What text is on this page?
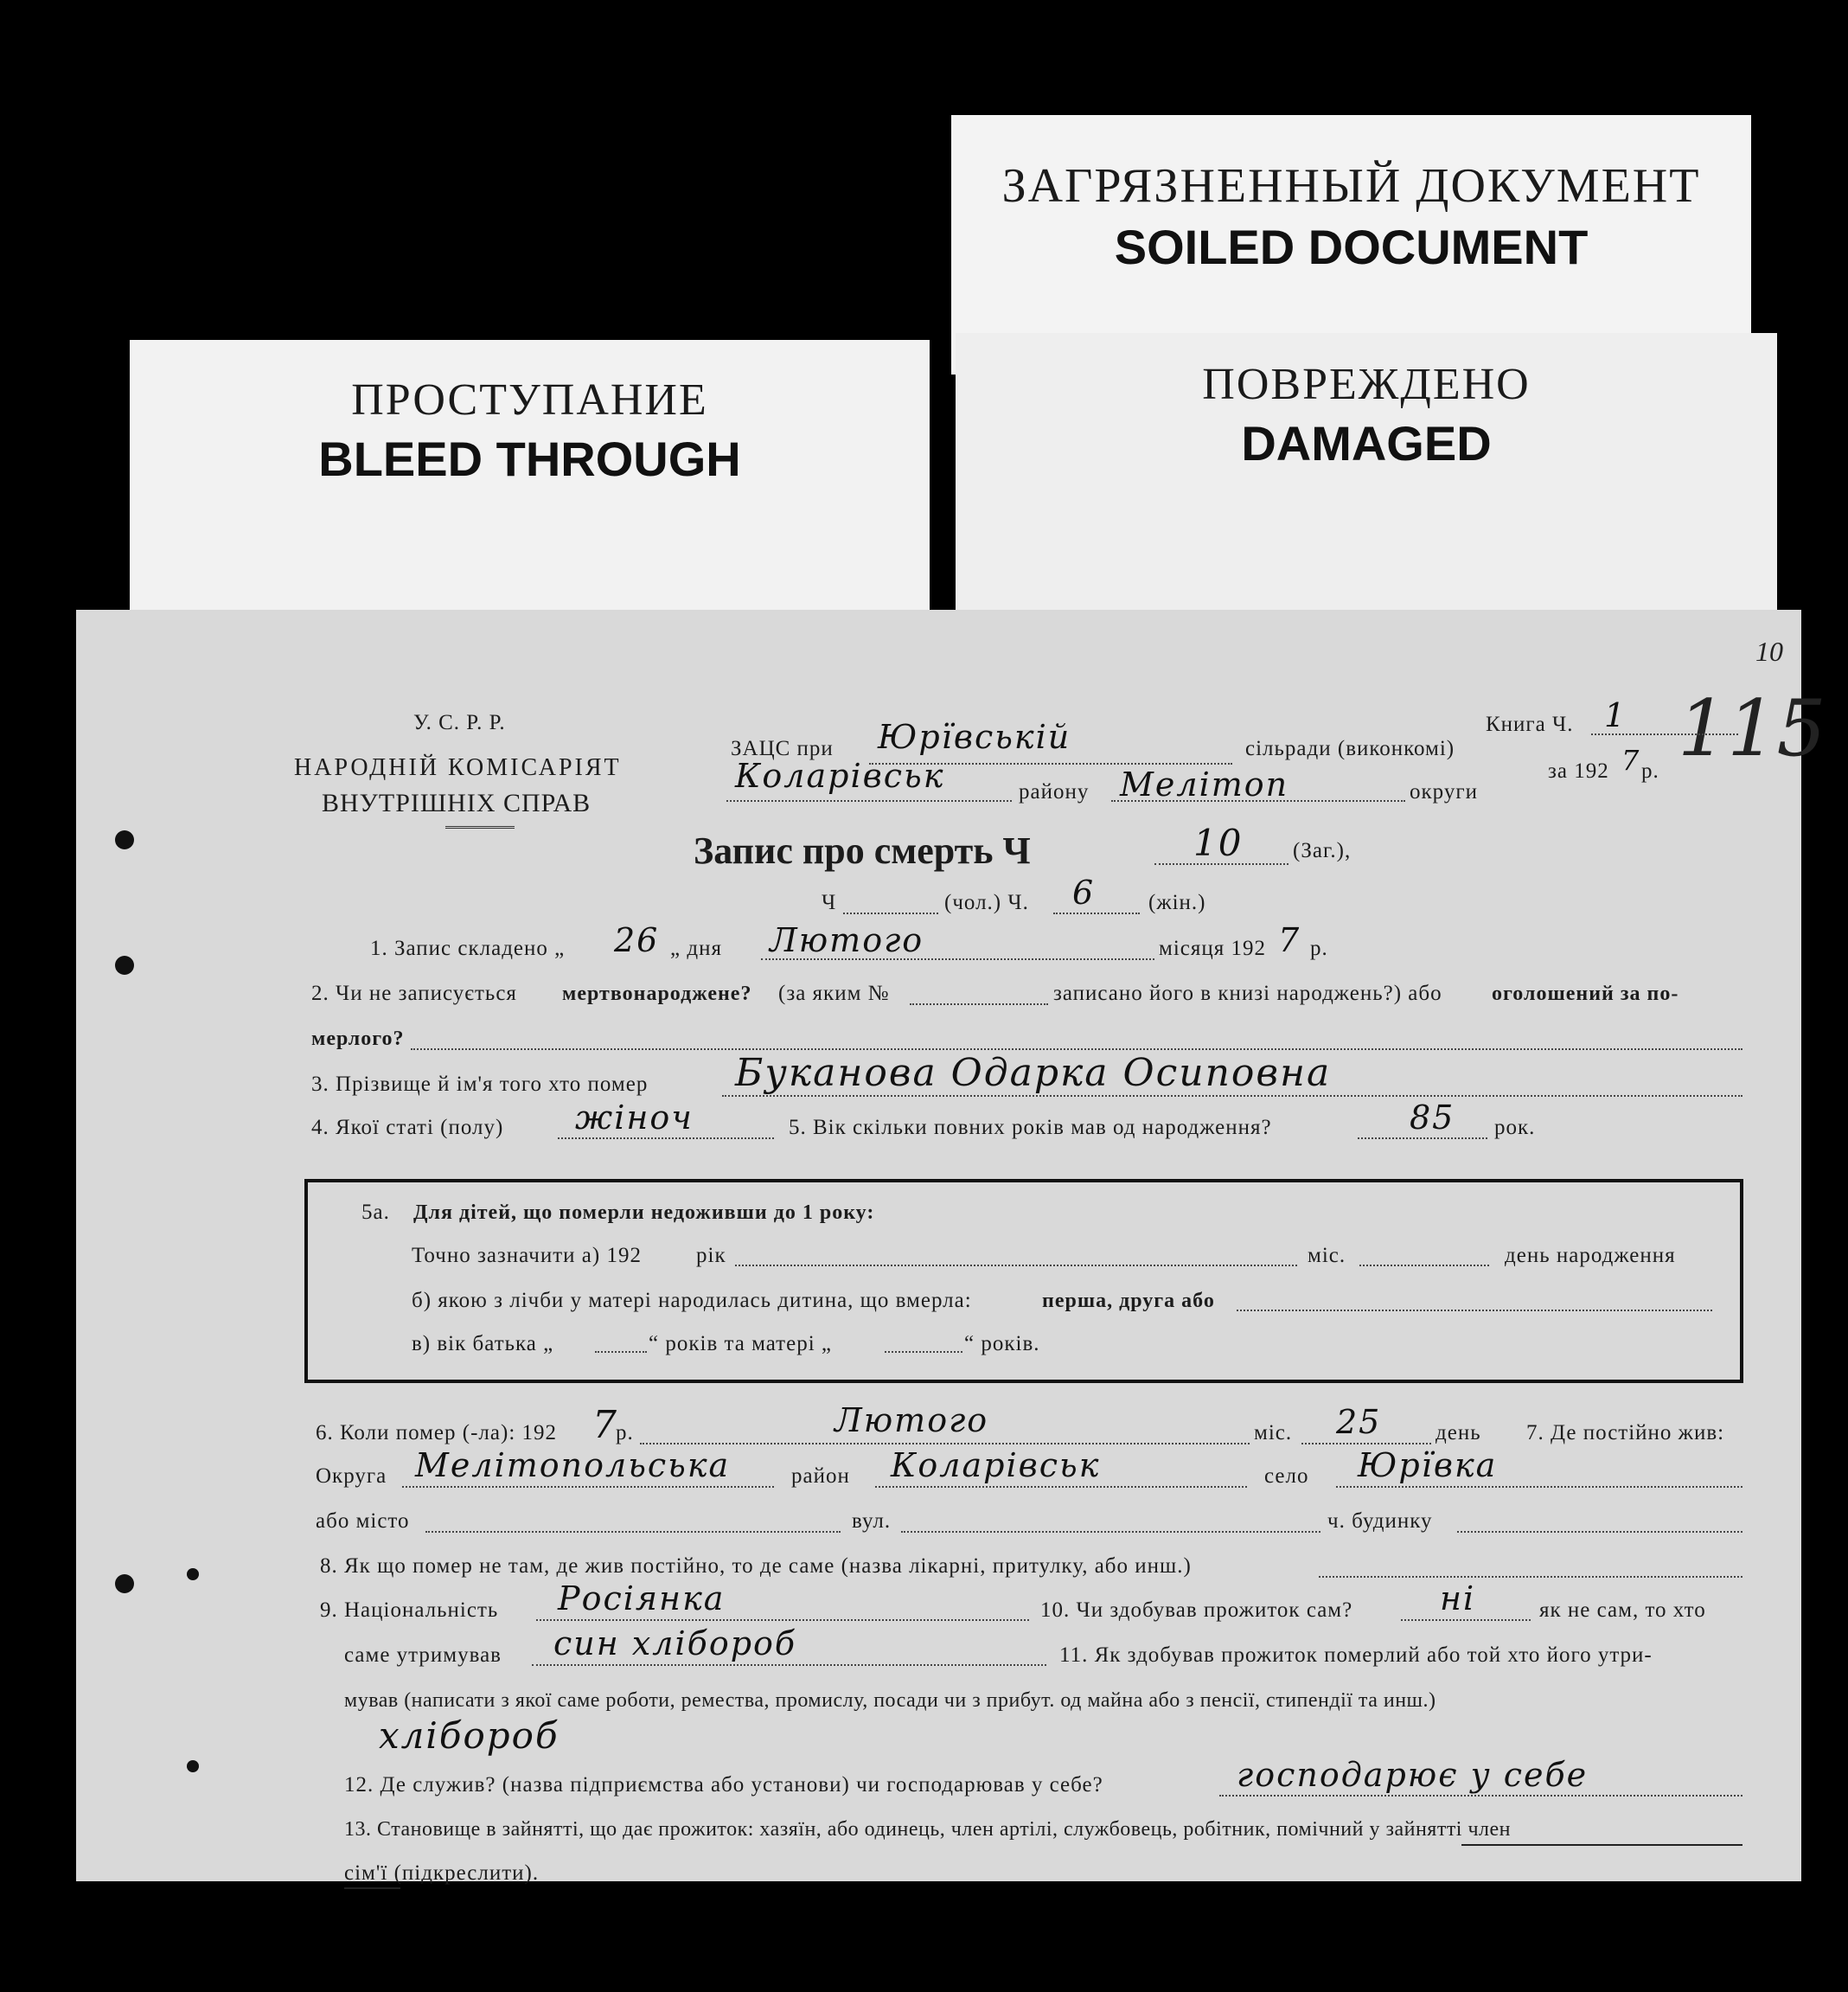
ЗАГРЯЗНЕННЫЙ ДОКУМЕНТ
SOILED DOCUMENT
ПРОСТУПАНИЕ
BLEED THROUGH
ПОВРЕЖДЕНО
DAMAGED
10
115
У. С. Р. Р.
НАРОДНІЙ КОМІСАРІЯТ
ВНУТРІШНІХ СПРАВ
ЗАЦС при Юрївській	сільради (виконкомі)
Книга Ч. 1
за 192 7 р.
Коларівськ	району Мелітоп	округи
Запис про смерть Ч	10 (Заг.),
Ч	(чол.) Ч. 6 (жін.)
1. Запис складено „ 26 „ дня Лютого	місяця 192 7 р.
2. Чи не записується мертвонароджене? (за яким №	записано його в книзі народжень?) або оголошений за по-
мерлого?
3. Прізвище й ім'я того хто помер Буканова Одарка Осиповна
4. Якої статі (полу) жіноч	5. Вік скільки повних років мав од народження?	85 рок.
5а. Для дітей, що померли недоживши до 1 року:
Точно зазначити а) 192	рік	міс.	день народження
б) якою з лічби у матері народилась дитина, що вмерла:	перша, друга або
в) вік батька „	“ років та матері „	“ років.
6. Коли помер (-ла): 192 7
р.	Лютого	міс. 25	день 7. Де постійно жив:
Округа Мелітопольська	район Коларівськ	село Юрївка
або місто	вул.	ч. будинку
8. Як що помер не там, де жив постійно, то де саме (назва лікарні, притулку, або инш.)
9. Національність Росіянка	10. Чи здобував прожиток сам?	ні	як не сам, то хто
саме утримував син хлібороб	11. Як здобував прожиток померлий або той хто його утри-
мував (написати з якої саме роботи, ремества, промислу, посади чи з прибут. од майна або з пенсії, стипендії та инш.)
хлібороб
12. Де служив? (назва підприємства або установи) чи господарював у себе?	господарює у себе
13. Становище в зайнятті, що дає прожиток: хазяїн, або одинець, член артілі, службовець, робітник, помічний у зайнятті член
сім'ї (підкреслити).
